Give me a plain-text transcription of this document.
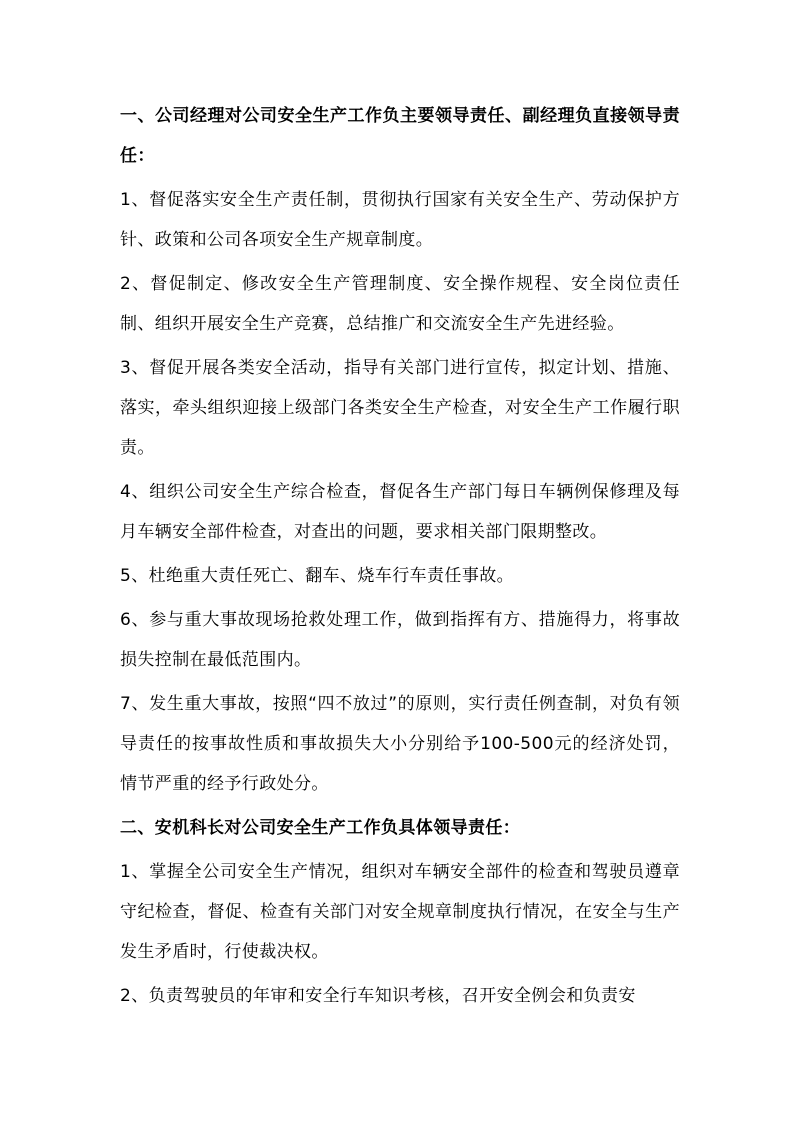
一、公司经理对公司安全生产工作负主要领导责任、副经理负直接领导责任：

1、督促落实安全生产责任制，贯彻执行国家有关安全生产、劳动保护方针、政策和公司各项安全生产规章制度。

2、督促制定、修改安全生产管理制度、安全操作规程、安全岗位责任制、组织开展安全生产竞赛，总结推广和交流安全生产先进经验。

3、督促开展各类安全活动，指导有关部门进行宣传，拟定计划、措施、落实，牵头组织迎接上级部门各类安全生产检查，对安全生产工作履行职责。

4、组织公司安全生产综合检查，督促各生产部门每日车辆例保修理及每月车辆安全部件检查，对查出的问题，要求相关部门限期整改。

5、杜绝重大责任死亡、翻车、烧车行车责任事故。

6、参与重大事故现场抢救处理工作，做到指挥有方、措施得力，将事故损失控制在最低范围内。

7、发生重大事故，按照“四不放过”的原则，实行责任例查制，对负有领导责任的按事故性质和事故损失大小分别给予100-500元的经济处罚，情节严重的经予行政处分。

二、安机科长对公司安全生产工作负具体领导责任：

1、掌握全公司安全生产情况，组织对车辆安全部件的检查和驾驶员遵章守纪检查，督促、检查有关部门对安全规章制度执行情况，在安全与生产发生矛盾时，行使裁决权。

2、负责驾驶员的年审和安全行车知识考核，召开安全例会和负责安
